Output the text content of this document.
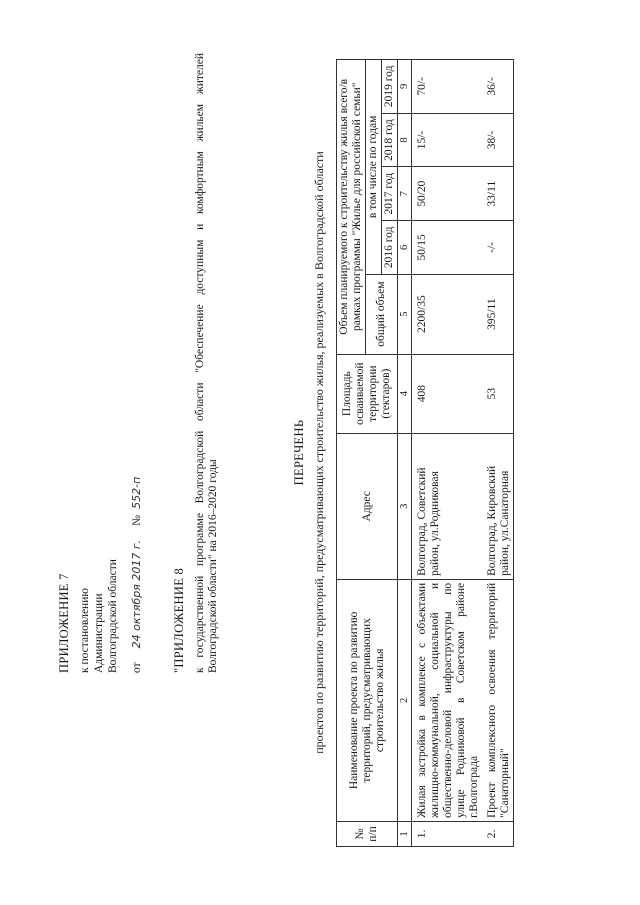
ПРИЛОЖЕНИЕ 7 к постановлению Администрации Волгоградской области от
24 октября 2017 г.
№
552-п
"ПРИЛОЖЕНИЕ 8 к государственной программе Волгоградской области "Обеспечение доступным и комфортным жильем жителей Волгоградской области" на 2016–2020 годы
ПЕРЕЧЕНЬ проектов по развитию территорий, предусматривающих строительство жилья, реализуемых в Волгоградской области
№ п/п	Наименование проекта по развитию территорий, предусматривающих строительство жилья	Адрес	Площадь осваиваемой территории (гектаров)	Объем планируемого к строительству жилья всего/в рамках программы "Жилье для российской семьи"				
				общий объем	в том числе по годам			
					2016 год	2017 год	2018 год	2019 год
1	2	3	4	5	6	7	8	9
1.	Жилая застройка в комплексе с объектами жилищно-коммунальной, социальной и общественно-деловой инфраструктуры по улице Родниковой в Советском районе г.Волгограда	Волгоград, Советский район, ул.Родниковая	408	2200/35	50/15	50/20	15/-	70/-
2.	Проект комплексного освоения территорий "Санаторный"	Волгоград, Кировский район, ул.Санаторная	53	395/11	-/-	33/11	38/-	36/-
